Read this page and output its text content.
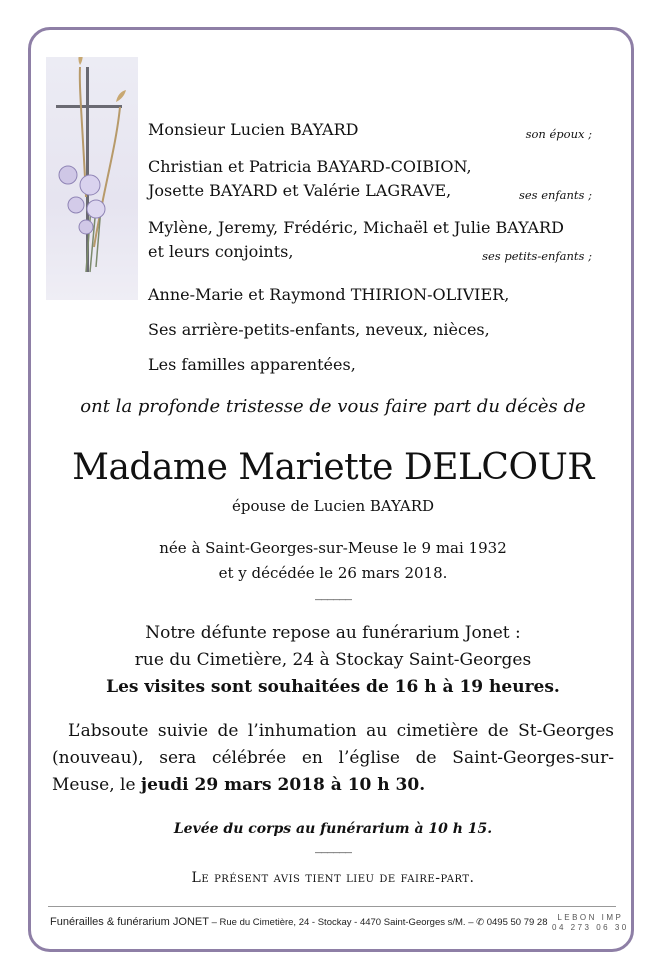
Monsieur Lucien BAYARD	son époux ;
Christian et Patricia BAYARD-COIBION,
Josette BAYARD et Valérie LAGRAVE,	ses enfants ;
Mylène, Jeremy, Frédéric, Michaël et Julie BAYARD
et leurs conjoints,	ses petits-enfants ;
Anne-Marie et Raymond THIRION-OLIVIER,
Ses arrière-petits-enfants, neveux, nièces,
Les familles apparentées,
ont la profonde tristesse de vous faire part du décès de
Madame Mariette DELCOUR
épouse de Lucien BAYARD
née à Saint-Georges-sur-Meuse le 9 mai 1932
et y décédée le 26 mars 2018.
______
Notre défunte repose au funérarium Jonet :
rue du Cimetière, 24 à Stockay Saint-Georges
Les visites sont souhaitées de 16 h à 19 heures.
L’absoute suivie de l’inhumation au cimetière de St-Georges (nouveau), sera célébrée en l’église de Saint-Georges-sur-Meuse, le jeudi 29 mars 2018 à 10 h 30.
Levée du corps au funérarium à 10 h 15.
______
Le présent avis tient lieu de faire-part.
Funérailles & funérarium JONET – Rue du Cimetière, 24 - Stockay - 4470 Saint-Georges s/M. – ✆ 0495 50 79 28	LEBON IMP
04 273 06 30
